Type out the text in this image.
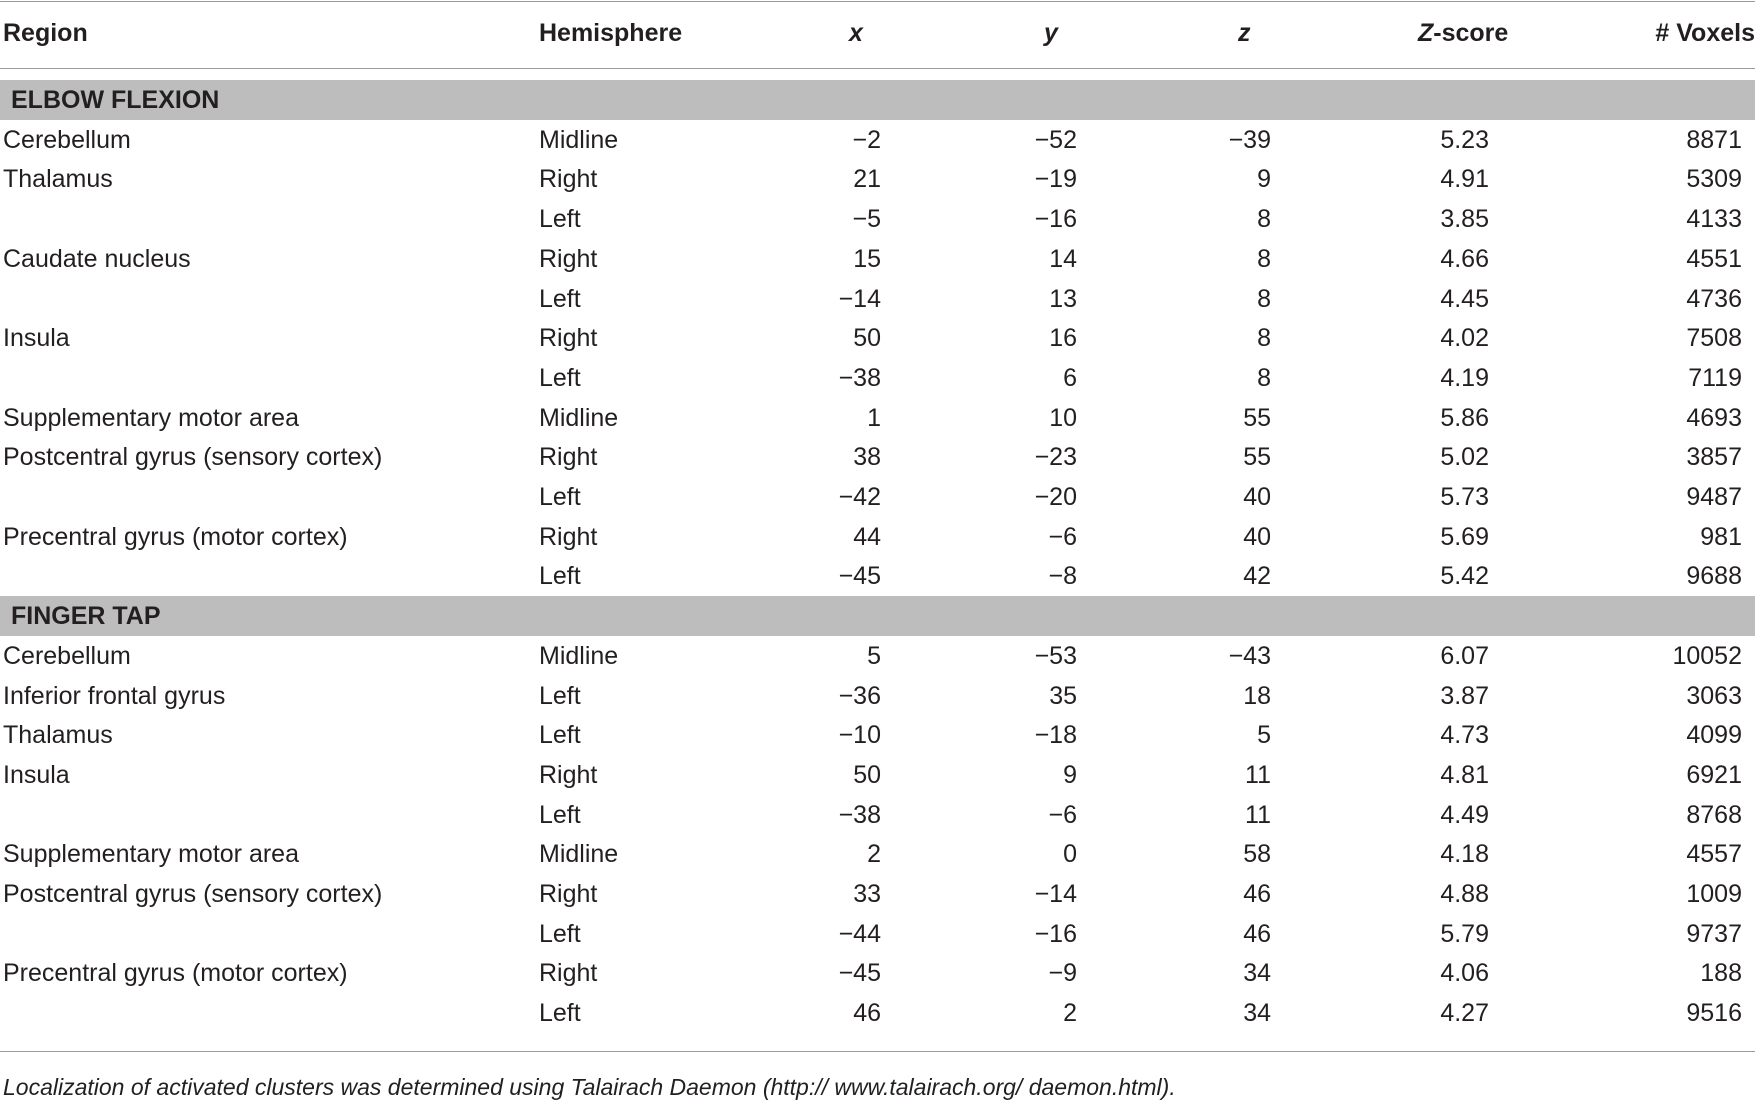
Region	Hemisphere	x	y	z	Z-score	# Voxels
ELBOW FLEXION
Cerebellum	Midline	−2	−52	−39	5.23	8871
Thalamus	Right	21	−19	9	4.91	5309
Left	−5	−16	8	3.85	4133
Caudate nucleus	Right	15	14	8	4.66	4551
Left	−14	13	8	4.45	4736
Insula	Right	50	16	8	4.02	7508
Left	−38	6	8	4.19	7119
Supplementary motor area	Midline	1	10	55	5.86	4693
Postcentral gyrus (sensory cortex)	Right	38	−23	55	5.02	3857
Left	−42	−20	40	5.73	9487
Precentral gyrus (motor cortex)	Right	44	−6	40	5.69	981
Left	−45	−8	42	5.42	9688
FINGER TAP
Cerebellum	Midline	5	−53	−43	6.07	10052
Inferior frontal gyrus	Left	−36	35	18	3.87	3063
Thalamus	Left	−10	−18	5	4.73	4099
Insula	Right	50	9	11	4.81	6921
Left	−38	−6	11	4.49	8768
Supplementary motor area	Midline	2	0	58	4.18	4557
Postcentral gyrus (sensory cortex)	Right	33	−14	46	4.88	1009
Left	−44	−16	46	5.79	9737
Precentral gyrus (motor cortex)	Right	−45	−9	34	4.06	188
Left	46	2	34	4.27	9516
Localization of activated clusters was determined using Talairach Daemon (http:// www.talairach.org/ daemon.html).
